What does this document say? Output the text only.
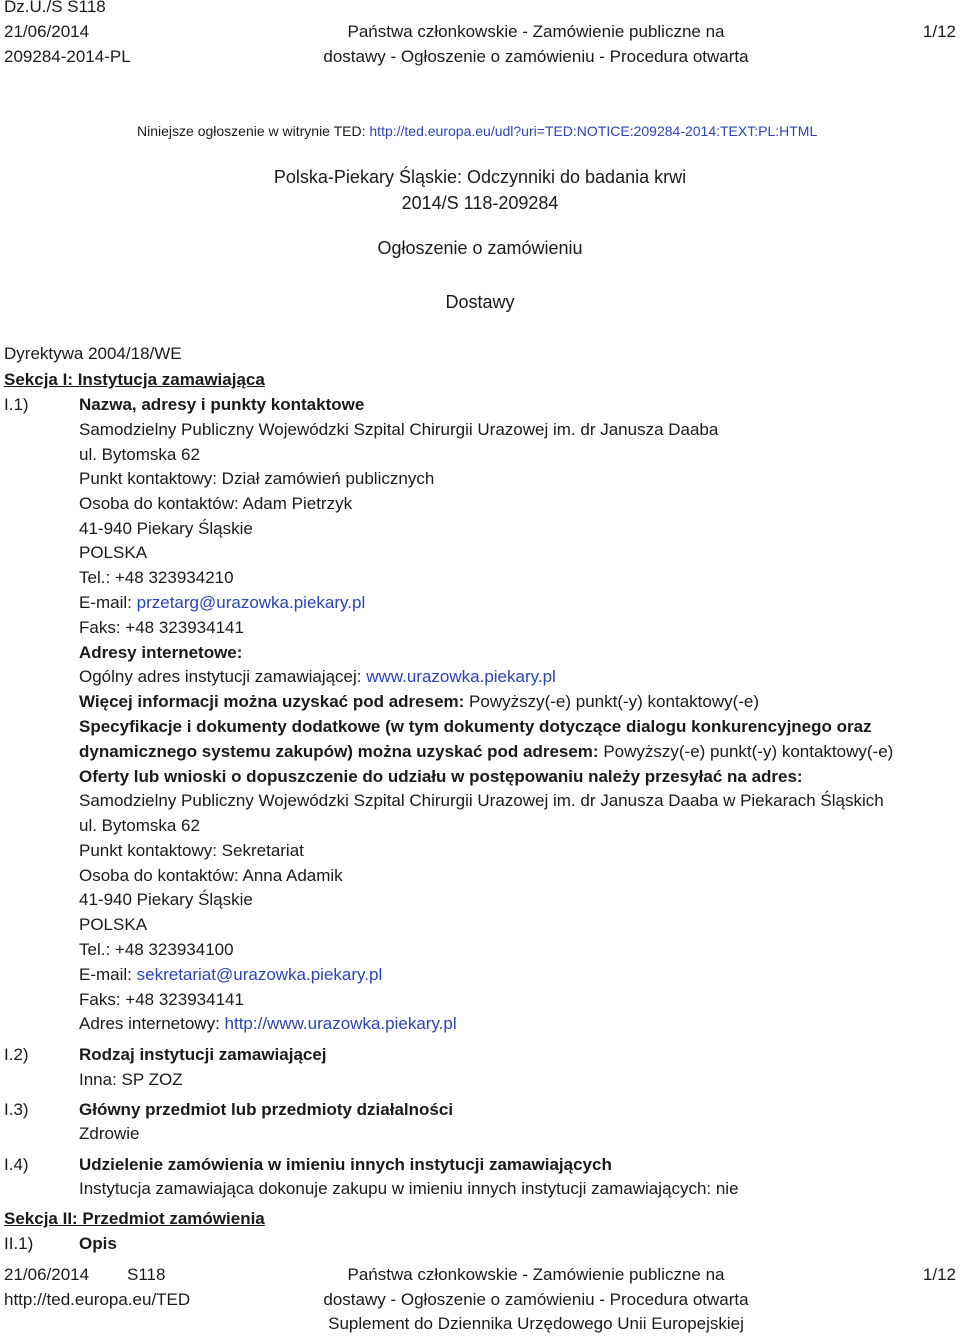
Dz.U./S S118
21/06/2014
209284-2014-PL
Państwa członkowskie - Zamówienie publiczne na
dostawy - Ogłoszenie o zamówieniu - Procedura otwarta
1/12
Niniejsze ogłoszenie w witrynie TED: http://ted.europa.eu/udl?uri=TED:NOTICE:209284-2014:TEXT:PL:HTML
Polska-Piekary Śląskie: Odczynniki do badania krwi
2014/S 118-209284
Ogłoszenie o zamówieniu
Dostawy
Dyrektywa 2004/18/WE
Sekcja I: Instytucja zamawiająca
I.1)	Nazwa, adresy i punkty kontaktowe
Samodzielny Publiczny Wojewódzki Szpital Chirurgii Urazowej im. dr Janusza Daaba
ul. Bytomska 62
Punkt kontaktowy: Dział zamówień publicznych
Osoba do kontaktów: Adam Pietrzyk
41-940 Piekary Śląskie
POLSKA
Tel.: +48 323934210
E-mail: przetarg@urazowka.piekary.pl
Faks: +48 323934141
Adresy internetowe:
Ogólny adres instytucji zamawiającej: www.urazowka.piekary.pl
Więcej informacji można uzyskać pod adresem: Powyższy(-e) punkt(-y) kontaktowy(-e)
Specyfikacje i dokumenty dodatkowe (w tym dokumenty dotyczące dialogu konkurencyjnego oraz
dynamicznego systemu zakupów) można uzyskać pod adresem: Powyższy(-e) punkt(-y) kontaktowy(-e)
Oferty lub wnioski o dopuszczenie do udziału w postępowaniu należy przesyłać na adres:
Samodzielny Publiczny Wojewódzki Szpital Chirurgii Urazowej im. dr Janusza Daaba w Piekarach Śląskich
ul. Bytomska 62
Punkt kontaktowy: Sekretariat
Osoba do kontaktów: Anna Adamik
41-940 Piekary Śląskie
POLSKA
Tel.: +48 323934100
E-mail: sekretariat@urazowka.piekary.pl
Faks: +48 323934141
Adres internetowy: http://www.urazowka.piekary.pl
I.2)	Rodzaj instytucji zamawiającej
Inna: SP ZOZ
I.3)	Główny przedmiot lub przedmioty działalności
Zdrowie
I.4)	Udzielenie zamówienia w imieniu innych instytucji zamawiających
Instytucja zamawiająca dokonuje zakupu w imieniu innych instytucji zamawiających: nie
Sekcja II: Przedmiot zamówienia
II.1)	Opis
21/06/2014 S118
http://ted.europa.eu/TED
Państwa członkowskie - Zamówienie publiczne na
dostawy - Ogłoszenie o zamówieniu - Procedura otwarta
Suplement do Dziennika Urzędowego Unii Europejskiej
1/12
